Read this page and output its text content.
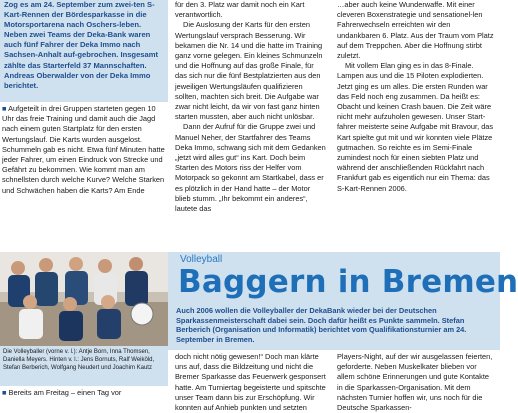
Zog es am 24. September zum zwei-ten S-Kart-Rennen der Bördesparkasse in die Motorsportarena nach Oschers-leben. Neben zwei Teams der Deka-Bank waren auch fünf Fahrer der Deka Immo nach Sachsen-Anhalt auf-gebrochen. Insgesamt zählte das Starterfeld 37 Mannschaften. Andreas Oberwalder von der Deka Immo berichtet.

■ Aufgeteilt in drei Gruppen starteten gegen 10 Uhr das freie Training und damit auch die Jagd nach einem guten Startplatz für den ersten Wertungslauf. Die Karts wurden ausgelost. Schummeln gab es nicht. Etwa fünf Minuten hatte jeder Fahrer, um einen Eindruck von Strecke und Gefährt zu bekommen. Wie kommt man am schnellsten durch welche Kurve? Welche Starken und Schwächen haben die Karts? Am Ende

für den 3. Platz war damit noch ein Kart verantwortlich.

Die Auslosung der Karts für den ersten Wertungslauf versprach Besserung. Wir bekamen die Nr. 14 und die hatte im Training ganz vorne gelegen. Ein kleines Schmunzeln und die Hoffnung auf das große Finale, für das sich nur die fünf Bestplatzierten aus den jeweiligen Wertungsläufen qualifizieren sollten, machten sich breit. Die Aufgabe war zwar nicht leicht, da wir von fast ganz hinten starten mussten, aber auch nicht unlösbar.

Dann der Aufruf für die Gruppe zwei und Manuel Neher, der Startfahrer des Teams Deka Immo, schwang sich mit dem Gedanken „jetzt wird alles gut“ ins Kart. Doch beim Starten des Motors riss der Helfer vom Motorpack so gekonnt am Startkabel, dass er es plötzlich in der Hand hatte – der Motor blieb stumm. „Ihr bekommt ein anderes“, lautete das

…aber auch keine Wunderwaffe. Mit einer cleveren Boxenstrategie und sensationel-len Fahrerwechseln erreichten wir den undankbaren 6. Platz. Aus der Traum vom Platz auf dem Treppchen. Aber die Hoffnung stirbt zuletzt.

Mit vollem Elan ging es in das 8-Finale. Lampen aus und die 15 Piloten explodierten. Jetzt ging es um alles. Die ersten Runden war das Feld noch eng zusammen. Da heißt es: Obacht und keinen Crash bauen. Die Zeit wäre nicht mehr aufzuholen gewesen. Unser Start-fahrer meisterte seine Aufgabe mit Bravour, das Kart spielte gut mit und wir konnten viele Plätze gutmachen. So reichte es im Semi-Finale zumindest noch für einen siebten Platz und während der anschließenden Rückfahrt nach Frankfurt gab es eigentlich nur ein Thema: das S-Kart-Rennen 2006.

Die Volleyballer (vorne v. l.): Antje Born, Inna Thomsen, Daniella Meyers. Hinten v. l.: Jens Bornuts, Ralf Weiköld, Stefan Berberich, Wolfgang Neudert und Joachim Kautz

Volleyball

Baggern in Bremen

Auch 2006 wollen die Volleyballer der DekaBank wieder bei der Deutschen Sparkassenmeisterschaft dabei sein. Doch dafür heißt es Punkte sammeln. Stefan Berberich (Organisation und Informatik) berichtet vom Qualifikationsturnier am 24. September in Bremen.

■ Bereits am Freitag – einen Tag vor

doch nicht nötig gewesen!“ Doch man klärte uns auf, dass die Bildzeitung und nicht die Bremer Sparkasse das Feuerwerk gesponsert hatte. Am Turniertag begeisterte und spitschte unser Team dann bis zur Erschöpfung. Wir konnten auf Anhieb punkten und setzten

Players-Night, auf der wir ausgelassen feierten, geforderte. Neben Muskelkater blieben vor allem schöne Erinnerungen und gute Kontakte in die Sparkassen-Organisation. Mit dem nächsten Turnier hoffen wir, uns noch für die Deutsche Sparkassen-
